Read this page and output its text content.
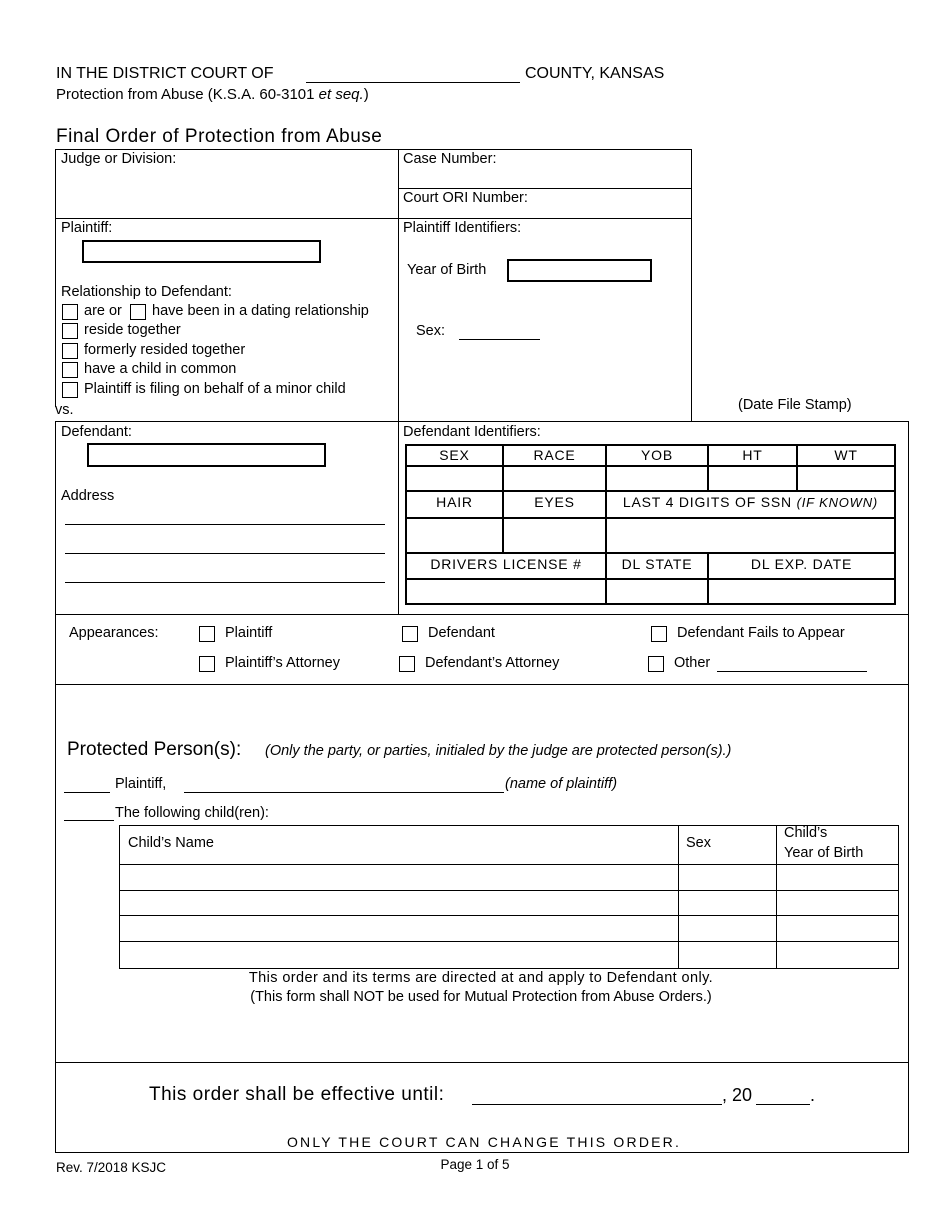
IN THE DISTRICT COURT OF	COUNTY, KANSAS
Protection from Abuse (K.S.A. 60-3101 et seq.)
Final Order of Protection from Abuse
Judge or Division:	Case Number:
Court ORI Number:
Plaintiff:
Relationship to Defendant:
are or have been in a dating relationship
reside together
formerly resided together
have a child in common
Plaintiff is filing on behalf of a minor child
vs.
Plaintiff Identifiers:
Year of Birth
Sex:
(Date File Stamp)
Defendant:
Address
Defendant Identifiers:
SEX	RACE	YOB	HT	WT
HAIR	EYES	LAST 4 DIGITS OF SSN (IF KNOWN)
DRIVERS LICENSE #	DL STATE	DL EXP. DATE
Appearances:	Plaintiff	Defendant	Defendant Fails to Appear
Plaintiff’s Attorney	Defendant’s Attorney	Other
Protected Person(s): (Only the party, or parties, initialed by the judge are protected person(s).)
Plaintiff,	(name of plaintiff)
The following child(ren):
Child’s Name	Sex
Child’s
Year of Birth
This order and its terms are directed at and apply to Defendant only.
(This form shall NOT be used for Mutual Protection from Abuse Orders.)
This order shall be effective until:	, 20	.
ONLY THE COURT CAN CHANGE THIS ORDER.
Rev. 7/2018 KSJC	Page 1 of 5
